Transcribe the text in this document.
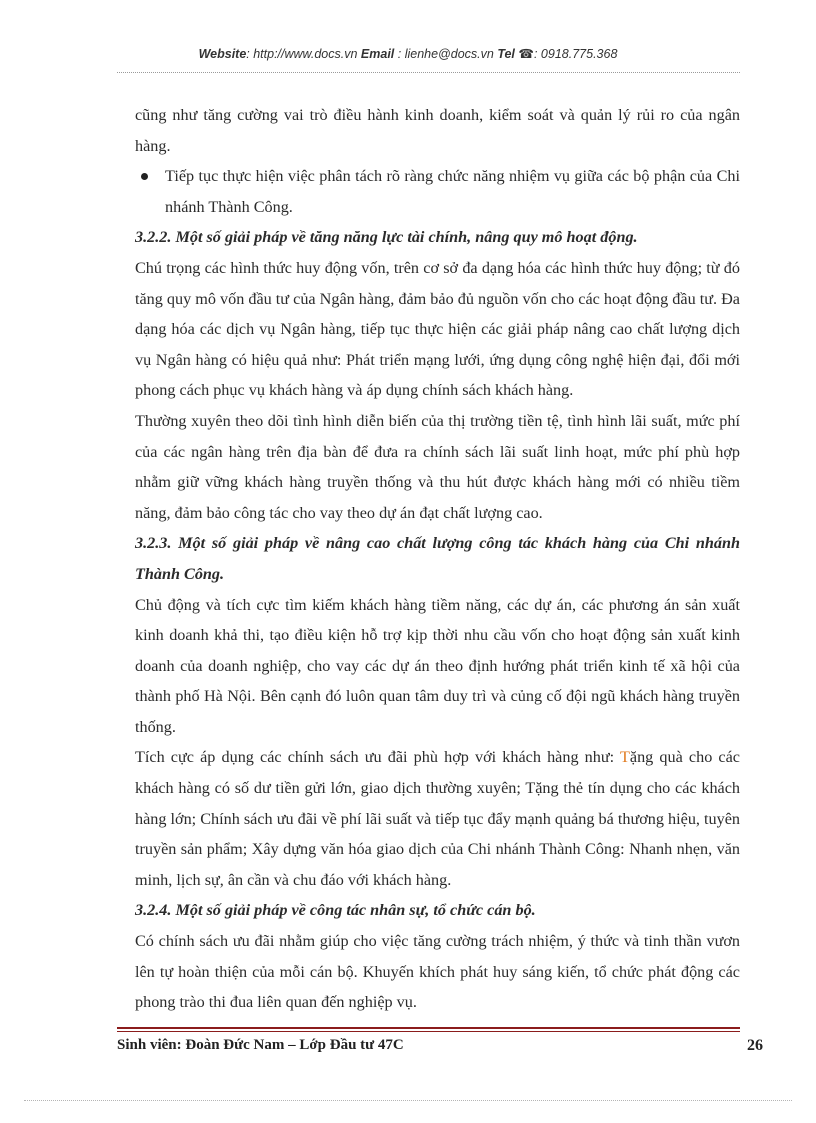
Website: http://www.docs.vn Email : lienhe@docs.vn Tel ☎: 0918.775.368

cũng như tăng cường vai trò điều hành kinh doanh, kiểm soát và quản lý rủi ro của ngân hàng.

Tiếp tục thực hiện việc phân tách rõ ràng chức năng nhiệm vụ giữa các bộ phận của Chi nhánh Thành Công.

3.2.2. Một số giải pháp về tăng năng lực tài chính, nâng quy mô hoạt động.

Chú trọng các hình thức huy động vốn, trên cơ sở đa dạng hóa các hình thức huy động; từ đó tăng quy mô vốn đầu tư của Ngân hàng, đảm bảo đủ nguồn vốn cho các hoạt động đầu tư. Đa dạng hóa các dịch vụ Ngân hàng, tiếp tục thực hiện các giải pháp nâng cao chất lượng dịch vụ Ngân hàng có hiệu quả như: Phát triển mạng lưới, ứng dụng công nghệ hiện đại, đổi mới phong cách phục vụ khách hàng và áp dụng chính sách khách hàng.

Thường xuyên theo dõi tình hình diễn biến của thị trường tiền tệ, tình hình lãi suất, mức phí của các ngân hàng trên địa bàn để đưa ra chính sách lãi suất linh hoạt, mức phí phù hợp nhằm giữ vững khách hàng truyền thống và thu hút được khách hàng mới có nhiều tiềm năng, đảm bảo công tác cho vay theo dự án đạt chất lượng cao.

3.2.3. Một số giải pháp về nâng cao chất lượng công tác khách hàng của Chi nhánh Thành Công.

Chủ động và tích cực tìm kiếm khách hàng tiềm năng, các dự án, các phương án sản xuất kinh doanh khả thi, tạo điều kiện hỗ trợ kịp thời nhu cầu vốn cho hoạt động sản xuất kinh doanh của doanh nghiệp, cho vay các dự án theo định hướng phát triển kinh tế xã hội của thành phố Hà Nội. Bên cạnh đó luôn quan tâm duy trì và củng cố đội ngũ khách hàng truyền thống.

Tích cực áp dụng các chính sách ưu đãi phù hợp với khách hàng như: Tặng quà cho các khách hàng có số dư tiền gửi lớn, giao dịch thường xuyên; Tặng thẻ tín dụng cho các khách hàng lớn; Chính sách ưu đãi về phí lãi suất và tiếp tục đẩy mạnh quảng bá thương hiệu, tuyên truyền sản phẩm; Xây dựng văn hóa giao dịch của Chi nhánh Thành Công: Nhanh nhẹn, văn minh, lịch sự, ân cần và chu đáo với khách hàng.

3.2.4. Một số giải pháp về công tác nhân sự, tổ chức cán bộ.

Có chính sách ưu đãi nhằm giúp cho việc tăng cường trách nhiệm, ý thức và tinh thần vươn lên tự hoàn thiện của mỗi cán bộ. Khuyến khích phát huy sáng kiến, tổ chức phát động các phong trào thi đua liên quan đến nghiệp vụ.

Sinh viên: Đoàn Đức Nam – Lớp Đầu tư 47C	26
